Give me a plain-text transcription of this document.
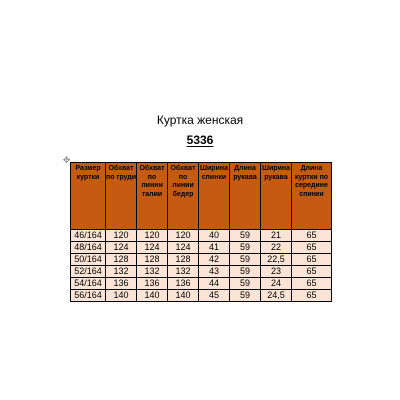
Куртка женская
5336
✥
Размер куртки	Обхват по груди	Обхват по линии талии	Обхват по линии бедер	Ширина спинки	Длина рукава	Ширина рукава	Длина куртки по середине спинки
46/164	120	120	120	40	59	21	65
48/164	124	124	124	41	59	22	65
50/164	128	128	128	42	59	22,5	65
52/164	132	132	132	43	59	23	65
54/164	136	136	136	44	59	24	65
56/164	140	140	140	45	59	24,5	65
